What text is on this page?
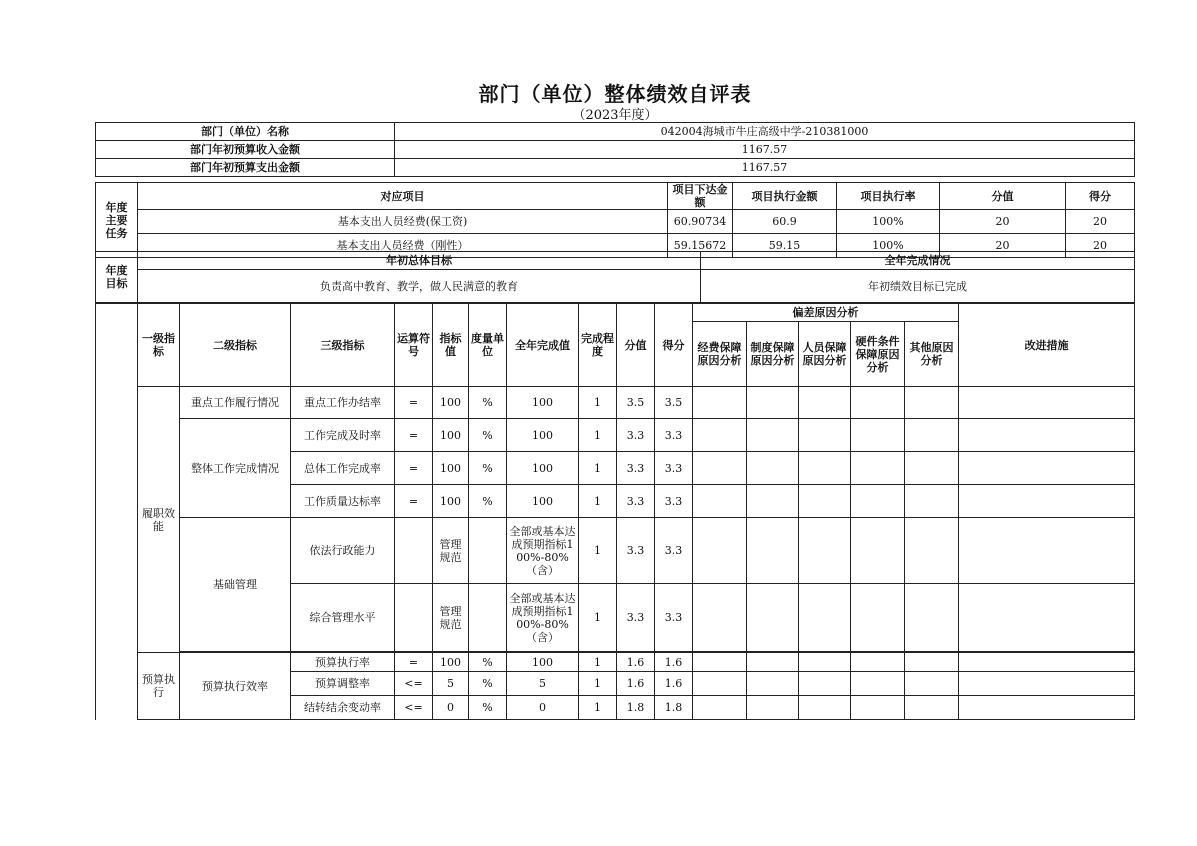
部门（单位）整体绩效自评表
（2023年度）
部门（单位）名称	042004海城市牛庄高级中学-210381000
部门年初预算收入金额	1167.57
部门年初预算支出金额	1167.57
年度
主要
任务	对应项目	项目下达金额	项目执行金额	项目执行率	分值	得分
	基本支出人员经费(保工资)	60.90734	60.9	100%	20	20
	基本支出人员经费（刚性）	59.15672	59.15	100%	20	20
年度
目标	年初总体目标	全年完成情况
	负责高中教育、教学，做人民满意的教育	年初绩效目标已完成
	一级指标	二级指标	三级指标	运算符号	指标值	度量单位	全年完成值	完成程度	分值	得分	偏差原因分析					改进措施
											经费保障原因分析	制度保障原因分析	人员保障原因分析	硬件条件保障原因分析	其他原因分析	
	履职效能	重点工作履行情况	重点工作办结率	=	100	%	100	1	3.5	3.5						
		整体工作完成情况	工作完成及时率	=	100	%	100	1	3.3	3.3						
			总体工作完成率	=	100	%	100	1	3.3	3.3						
			工作质量达标率	=	100	%	100	1	3.3	3.3						
		基础管理	依法行政能力		管理规范		全部或基本达成预期指标100%-80%（含）	1	3.3	3.3						
			综合管理水平		管理规范		全部或基本达成预期指标100%-80%（含）	1	3.3	3.3						

	预算执行	预算执行效率	预算执行率	=	100	%	100	1	1.6	1.6						
			预算调整率	<=	5	%	5	1	1.6	1.6						
			结转结余变动率	<=	0	%	0	1	1.8	1.8						
